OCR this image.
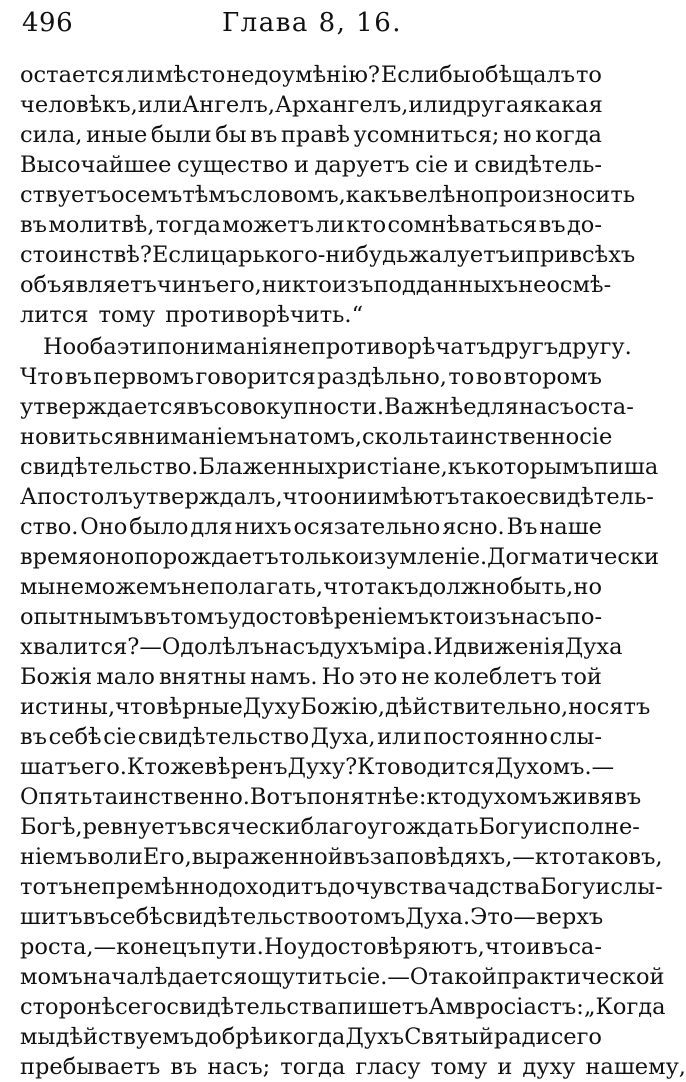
496	Глава 8, 16.
остается ли мѣсто недоумѣнію? Еслибы обѣщалъ то
человѣкъ, или Ангелъ, Архангелъ, или другая какая
сила, иные были бы въ правѣ усомниться; но когда
Высочайшее существо и даруетъ сіе и свидѣтель-
ствуетъ о семъ тѣмъ словомъ, какъ велѣно произносить
въ молитвѣ, тогда можетъ ли кто сомнѣваться въ до-
стоинствѣ? Если царь кого-нибудь жалуетъ и при всѣхъ
объявляетъ чинъ его, никто изъ подданныхъ не осмѣ-
лится тому противорѣчить.“
Но оба эти пониманія не противорѣчатъ другъ другу.
Что въ первомъ говорится раздѣльно, то во второмъ
утверждается въ совокупности. Важнѣе для насъ оста-
новиться вниманіемъ на томъ, сколь таинственно сіе
свидѣтельство. Блаженны христіане, къ которымъ пиша
Апостолъ утверждалъ, что они имѣютъ такое свидѣтель-
ство. Оно было для нихъ осязательно ясно. Въ наше
время оно порождаетъ только изумленіе. Догматически
мы не можемъ не полагать, что такъ должно быть, но
опытнымъ въ томъ удостовѣреніемъ кто изъ насъ по-
хвалится? — Одолѣлъ насъ духъ міра. И движенія Духа
Божія мало внятны намъ. Но это не колеблетъ той
истины, что вѣрные Духу Божію, дѣйствительно, носятъ
въ себѣ сіе свидѣтельство Духа, или постоянно слы-
шатъ его. Кто же вѣренъ Духу? Кто водится Духомъ.—
Опять таинственно. Вотъ понятнѣе: кто духомъ живя въ
Богѣ, ревнуетъ всячески благоугождать Богу исполне-
ніемъ воли Его, выраженной въ заповѣдяхъ,—кто таковъ,
тотъ непремѣнно доходитъ до чувства чадства Богу и слы-
шитъ въ себѣ свидѣтельство о томъ Духа. Это—верхъ
роста,—конецъ пути. Но удостовѣряютъ, что и въ са-
момъ началѣ дается ощутить сіе.—О такой практической
сторонѣ сего свидѣтельства пишетъ Амвросіастъ: „Когда
мы дѣйствуемъ добрѣ и когда Духъ Святый ради сего
пребываетъ въ насъ; тогда гласу тому и духу нашему,
